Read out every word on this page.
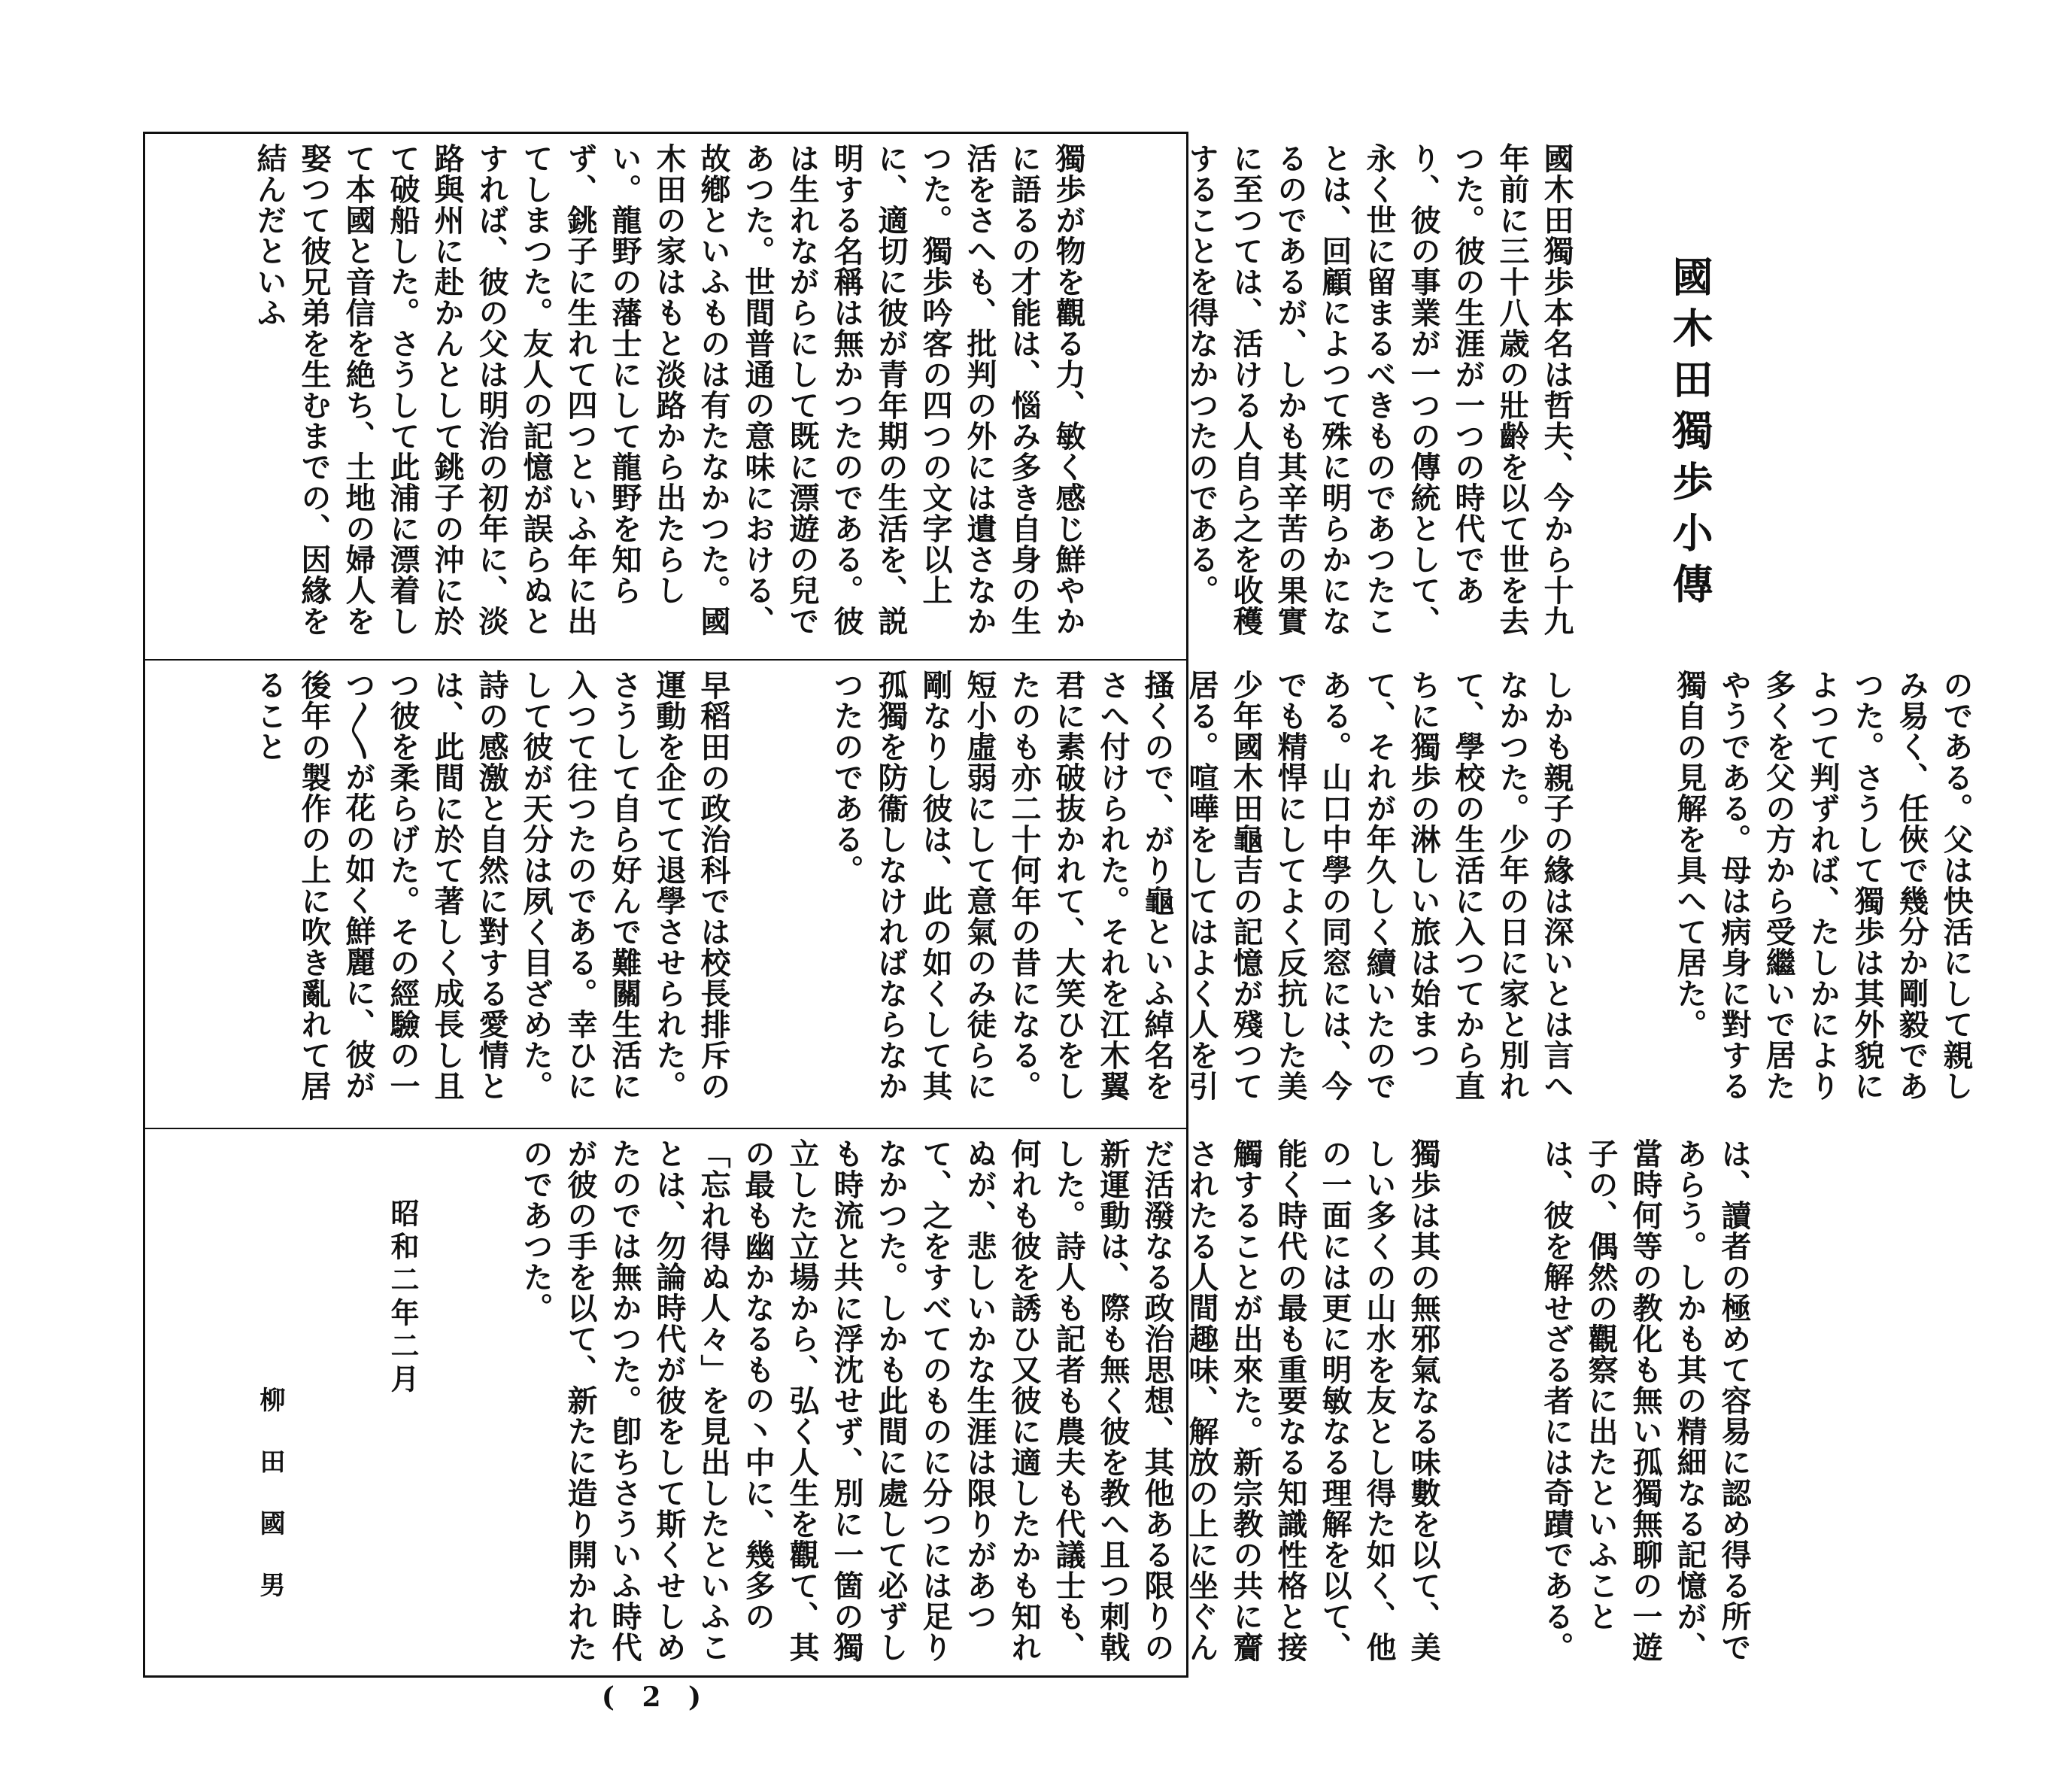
國木田獨歩小傳

國木田獨歩本名は哲夫、今から十九年前に三十八歳の壯齡を以て世を去つた。彼の生涯が一つの時代であり、彼の事業が一つの傳統として、永く世に留まるべきものであつたことは、回顧によつて殊に明らかになるのであるが、しかも其辛苦の果實に至つては、活ける人自ら之を收穫することを得なかつたのである。

獨歩が物を觀る力、敏く感じ鮮やかに語るの才能は、惱み多き自身の生活をさへも、批判の外には遺さなかつた。獨歩吟客の四つの文字以上に、適切に彼が青年期の生活を、説明する名稱は無かつたのである。彼は生れながらにして既に漂遊の兒であつた。世間普通の意味における、故鄕といふものは有たなかつた。國木田の家はもと淡路から出たらしい。龍野の藩士にして龍野を知らず、銚子に生れて四つといふ年に出てしまつた。友人の記憶が誤らぬとすれば、彼の父は明治の初年に、淡路與州に赴かんとして銚子の沖に於て破船した。さうして此浦に漂着して本國と音信を絶ち、土地の婦人を娶つて彼兄弟を生むまでの、因緣を結んだといふ

のである。父は快活にして親しみ易く、任俠で幾分か剛毅であつた。さうして獨歩は其外貌によつて判ずれば、たしかにより多くを父の方から受繼いで居たやうである。母は病身に對する獨自の見解を具へて居た。

しかも親子の緣は深いとは言へなかつた。少年の日に家と別れて、學校の生活に入つてから直ちに獨歩の淋しい旅は始まつて、それが年久しく續いたのである。山口中學の同窓には、今でも精悍にしてよく反抗した美少年國木田龜吉の記憶が殘つて居る。喧嘩をしてはよく人を引搔くので、がり龜といふ綽名をさへ付けられた。それを江木翼君に素破抜かれて、大笑ひをしたのも亦二十何年の昔になる。短小虛弱にして意氣のみ徒らに剛なりし彼は、此の如くして其孤獨を防衞しなければならなかつたのである。

早稻田の政治科では校長排斥の運動を企てて退學させられた。さうして自ら好んで難關生活に入つて往つたのである。幸ひにして彼が天分は夙く目ざめた。詩の感激と自然に對する愛情とは、此間に於て著しく成長し且つ彼を柔らげた。その經驗の一つ〳〵が花の如く鮮麗に、彼が後年の製作の上に吹き亂れて居ること

は、讀者の極めて容易に認め得る所であらう。しかも其の精細なる記憶が、當時何等の教化も無い孤獨無聊の一遊子の、偶然の觀察に出たといふことは、彼を解せざる者には奇蹟である。

獨歩は其の無邪氣なる味數を以て、美しい多くの山水を友とし得た如く、他の一面には更に明敏なる理解を以て、能く時代の最も重要なる知識性格と接觸することが出來た。新宗教の共に齎されたる人間趣味、解放の上に坐ぐんだ活潑なる政治思想、其他ある限りの新運動は、際も無く彼を教へ且つ刺戟した。詩人も記者も農夫も代議士も、何れも彼を誘ひ又彼に適したかも知れぬが、悲しいかな生涯は限りがあつて、之をすべてのものに分つには足りなかつた。しかも此間に處して必ずしも時流と共に浮沈せず、別に一箇の獨立した立場から、弘く人生を觀て、其の最も幽かなるもの丶中に、幾多の「忘れ得ぬ人々」を見出したといふことは、勿論時代が彼をして斯くせしめたのでは無かつた。卽ちさういふ時代が彼の手を以て、新たに造り開かれたのであつた。

昭和二年二月

柳田國男

( 2 )
